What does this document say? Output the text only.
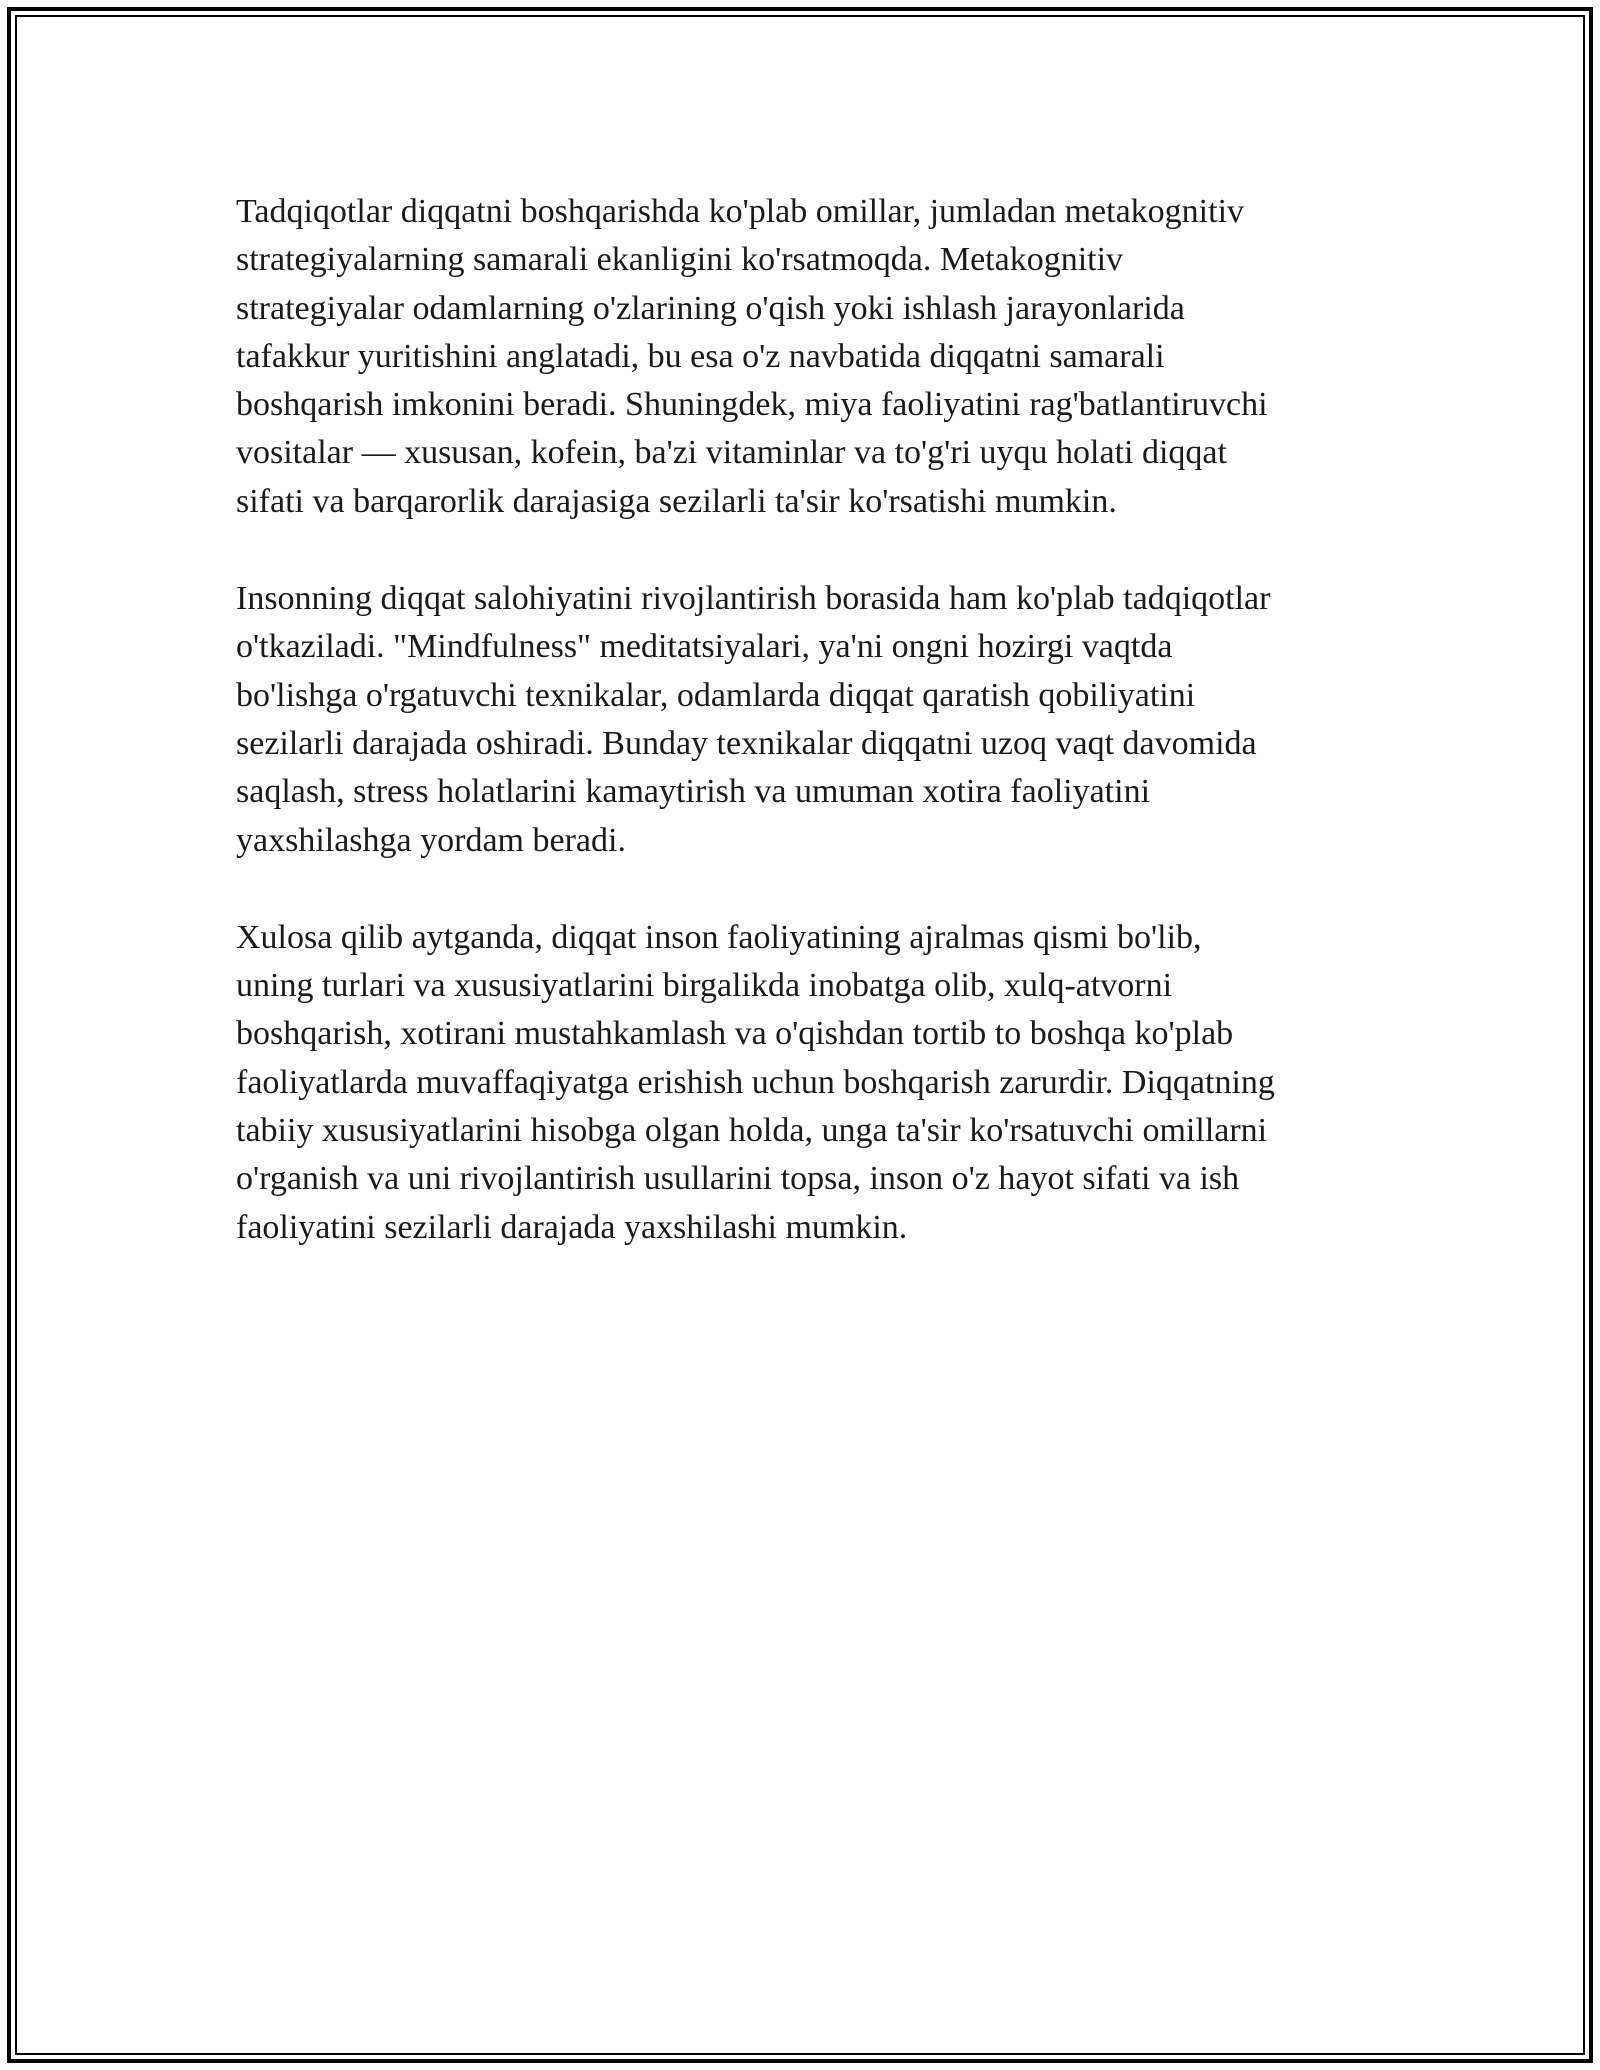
Tadqiqotlar diqqatni boshqarishda ko'plab omillar, jumladan metakognitiv
strategiyalarning samarali ekanligini ko'rsatmoqda. Metakognitiv
strategiyalar odamlarning o'zlarining o'qish yoki ishlash jarayonlarida
tafakkur yuritishini anglatadi, bu esa o'z navbatida diqqatni samarali
boshqarish imkonini beradi. Shuningdek, miya faoliyatini rag'batlantiruvchi
vositalar — xususan, kofein, ba'zi vitaminlar va to'g'ri uyqu holati diqqat
sifati va barqarorlik darajasiga sezilarli ta'sir ko'rsatishi mumkin.

Insonning diqqat salohiyatini rivojlantirish borasida ham ko'plab tadqiqotlar
o'tkaziladi. "Mindfulness" meditatsiyalari, ya'ni ongni hozirgi vaqtda
bo'lishga o'rgatuvchi texnikalar, odamlarda diqqat qaratish qobiliyatini
sezilarli darajada oshiradi. Bunday texnikalar diqqatni uzoq vaqt davomida
saqlash, stress holatlarini kamaytirish va umuman xotira faoliyatini
yaxshilashga yordam beradi.

Xulosa qilib aytganda, diqqat inson faoliyatining ajralmas qismi bo'lib,
uning turlari va xususiyatlarini birgalikda inobatga olib, xulq-atvorni
boshqarish, xotirani mustahkamlash va o'qishdan tortib to boshqa ko'plab
faoliyatlarda muvaffaqiyatga erishish uchun boshqarish zarurdir. Diqqatning
tabiiy xususiyatlarini hisobga olgan holda, unga ta'sir ko'rsatuvchi omillarni
o'rganish va uni rivojlantirish usullarini topsa, inson o'z hayot sifati va ish
faoliyatini sezilarli darajada yaxshilashi mumkin.
